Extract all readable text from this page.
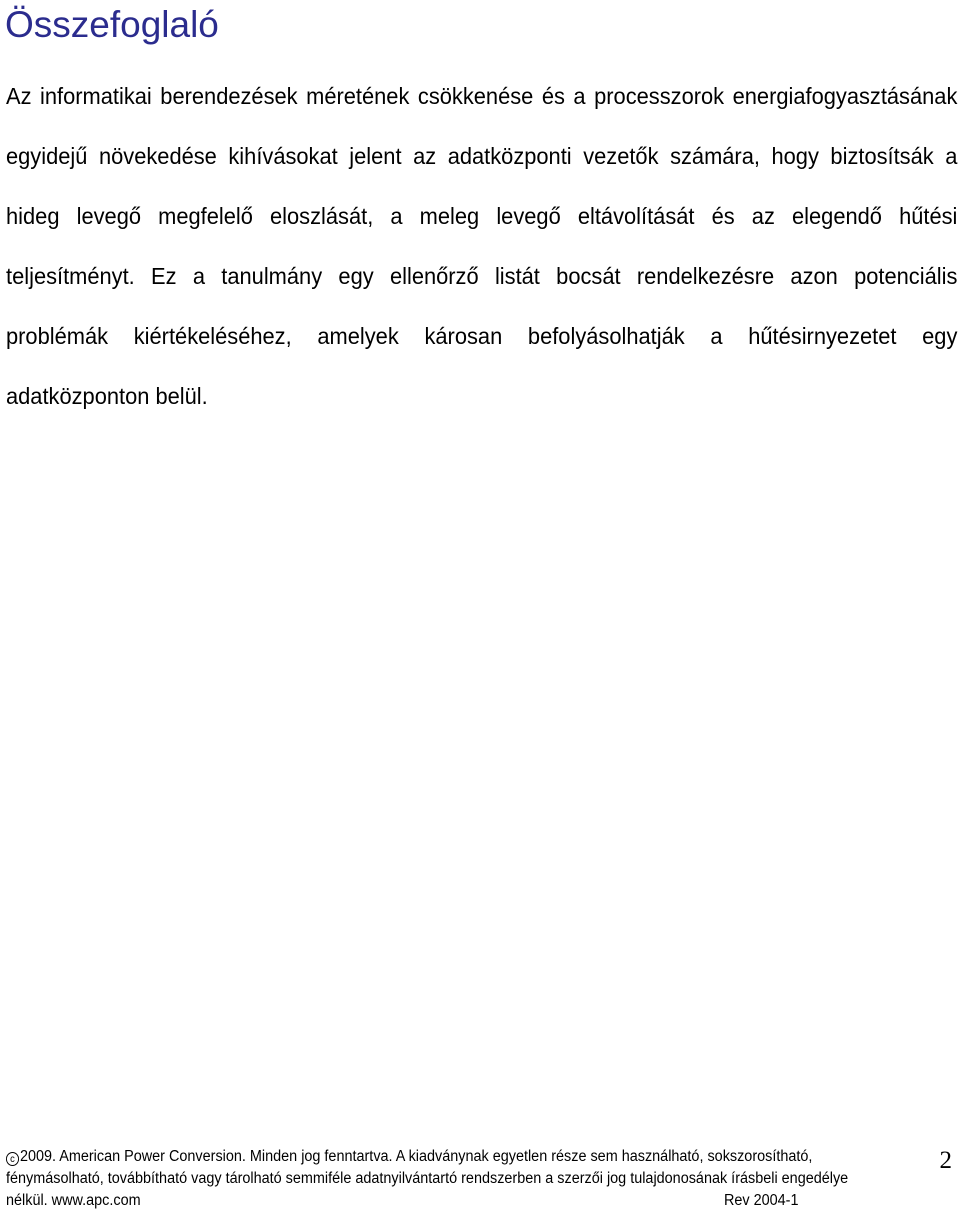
Összefoglaló

Az informatikai berendezések méretének csökkenése és a processzorok energiafogyasztásának egyidejű növekedése kihívásokat jelent az adatközponti vezetők számára, hogy biztosítsák a hideg levegő megfelelő eloszlását, a meleg levegő eltávolítását és az elegendő hűtési teljesítményt. Ez a tanulmány egy ellenőrző listát bocsát rendelkezésre azon potenciális problémák kiértékeléséhez, amelyek károsan befolyásolhatják a hűtésirnyezetet egy adatközponton belül.

c 2009. American Power Conversion. Minden jog fenntartva. A kiadványnak egyetlen része sem használható, sokszorosítható,
fénymásolható, továbbítható vagy tárolható semmiféle adatnyilvántartó rendszerben a szerzői jog tulajdonosának írásbeli engedélye
nélkül. www.apc.com	Rev 2004-1
2
